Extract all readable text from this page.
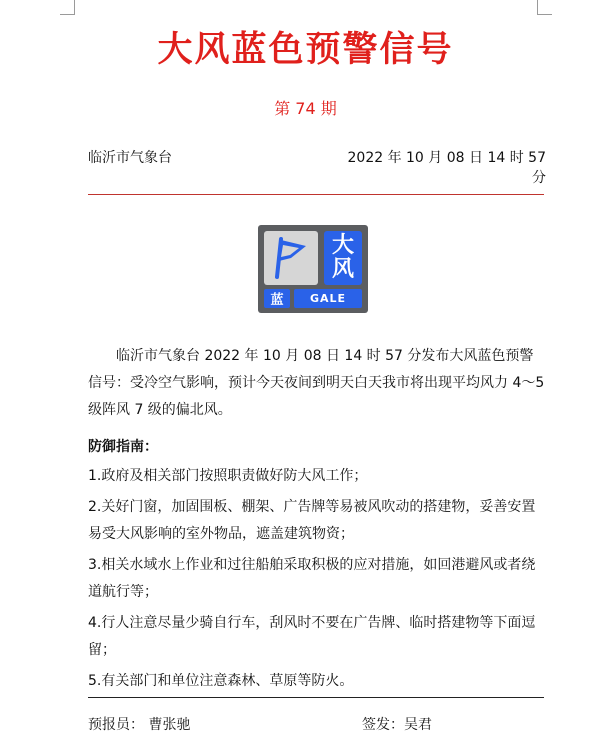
大风蓝色预警信号
第 74 期
临沂市气象台	2022 年 10 月 08 日 14 时 57 分
大
风
蓝	GALE
临沂市气象台 2022 年 10 月 08 日 14 时 57 分发布大风蓝色预警信号：受冷空气影响，预计今天夜间到明天白天我市将出现平均风力 4～5 级阵风 7 级的偏北风。
防御指南：
1.政府及相关部门按照职责做好防大风工作；
2.关好门窗，加固围板、棚架、广告牌等易被风吹动的搭建物，妥善安置易受大风影响的室外物品，遮盖建筑物资；
3.相关水域水上作业和过往船舶采取积极的应对措施，如回港避风或者绕道航行等；
4.行人注意尽量少骑自行车，刮风时不要在广告牌、临时搭建物等下面逗留；
5.有关部门和单位注意森林、草原等防火。
预报员： 曹张驰	签发：吴君
